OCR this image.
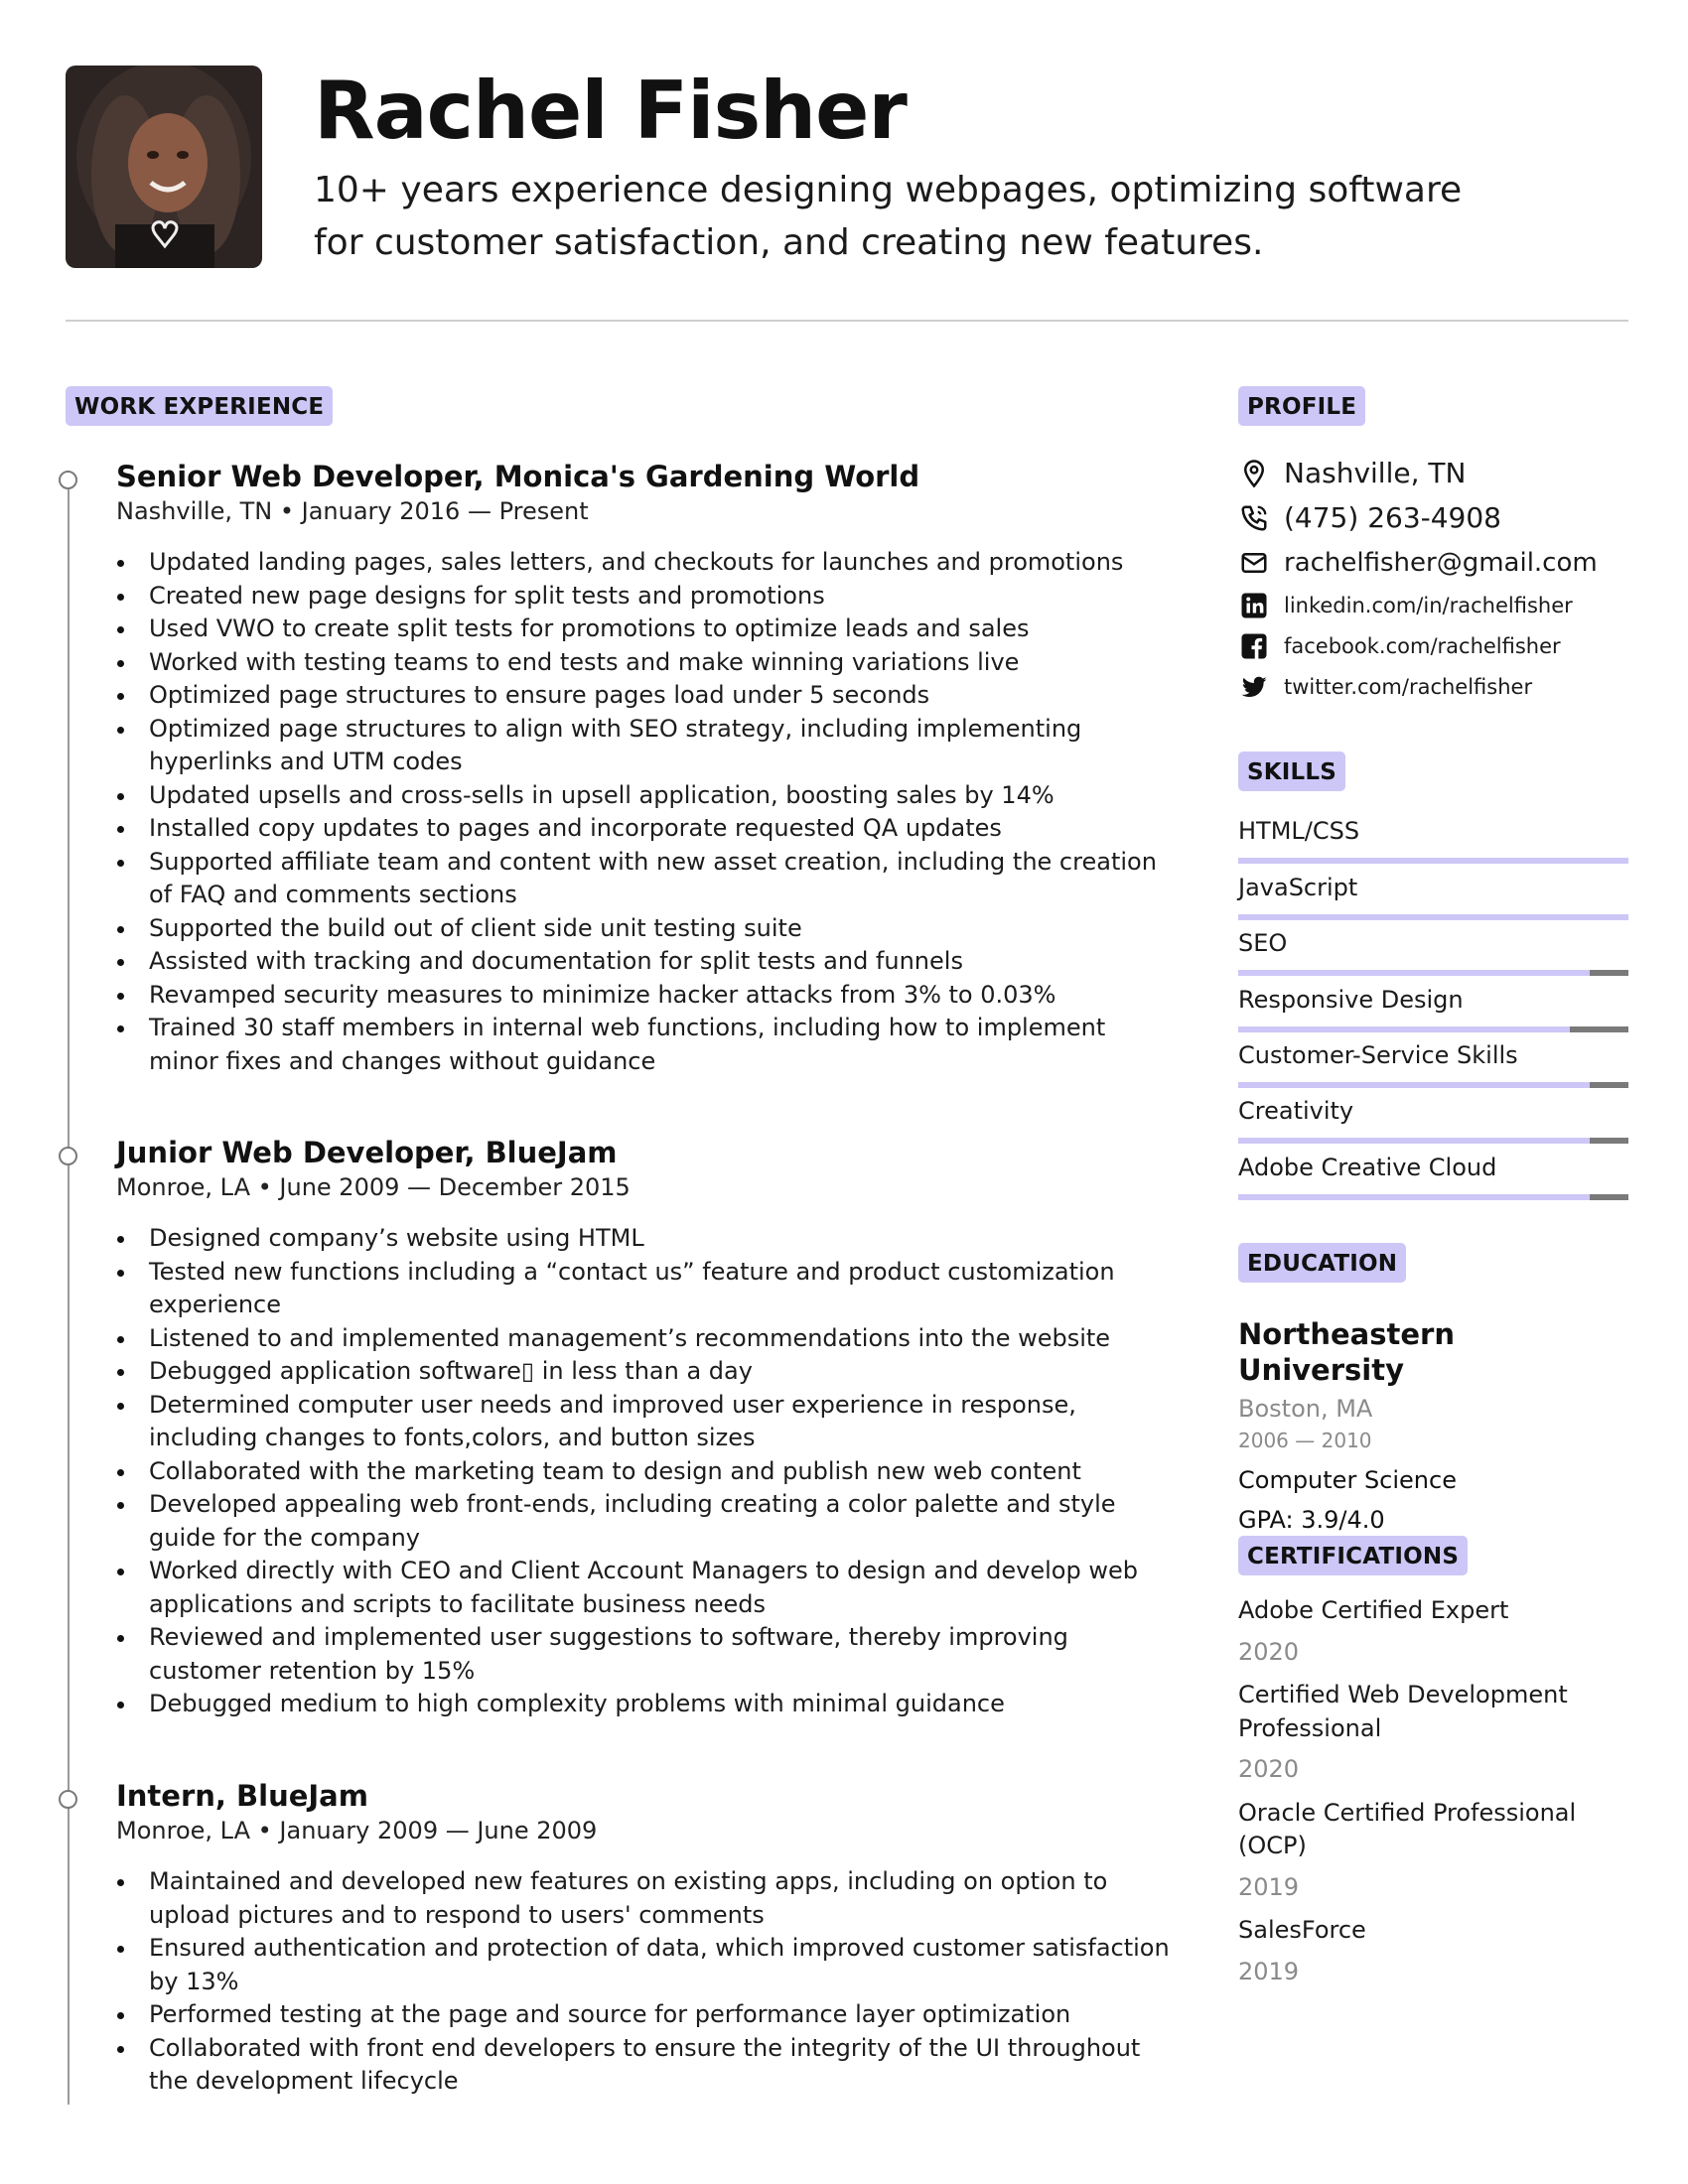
Rachel Fisher

10+ years experience designing webpages, optimizing software for customer satisfaction, and creating new features.

WORK EXPERIENCE
Senior Web Developer, Monica's Gardening World
Nashville, TN • January 2016 — Present
Updated landing pages, sales letters, and checkouts for launches and promotions
Created new page designs for split tests and promotions
Used VWO to create split tests for promotions to optimize leads and sales
Worked with testing teams to end tests and make winning variations live
Optimized page structures to ensure pages load under 5 seconds
Optimized page structures to align with SEO strategy, including implementing hyperlinks and UTM codes
Updated upsells and cross-sells in upsell application, boosting sales by 14%
Installed copy updates to pages and incorporate requested QA updates
Supported affiliate team and content with new asset creation, including the creation of FAQ and comments sections
Supported the build out of client side unit testing suite
Assisted with tracking and documentation for split tests and funnels
Revamped security measures to minimize hacker attacks from 3% to 0.03%
Trained 30 staff members in internal web functions, including how to implement minor fixes and changes without guidance
Junior Web Developer, BlueJam
Monroe, LA • June 2009 — December 2015
Designed company’s website using HTML
Tested new functions including a “contact us” feature and product customization experience
Listened to and implemented management’s recommendations into the website
Debugged application software▯ in less than a day
Determined computer user needs and improved user experience in response, including changes to fonts,colors, and button sizes
Collaborated with the marketing team to design and publish new web content
Developed appealing web front-ends, including creating a color palette and style guide for the company
Worked directly with CEO and Client Account Managers to design and develop web applications and scripts to facilitate business needs
Reviewed and implemented user suggestions to software, thereby improving customer retention by 15%
Debugged medium to high complexity problems with minimal guidance
Intern, BlueJam
Monroe, LA • January 2009 — June 2009
Maintained and developed new features on existing apps, including on option to upload pictures and to respond to users' comments
Ensured authentication and protection of data, which improved customer satisfaction by 13%
Performed testing at the page and source for performance layer optimization
Collaborated with front end developers to ensure the integrity of the UI throughout the development lifecycle
PROFILE
Nashville, TN
(475) 263-4908
rachelfisher@gmail.com
linkedin.com/in/rachelfisher
facebook.com/rachelfisher
twitter.com/rachelfisher
SKILLS
HTML/CSS
JavaScript
SEO
Responsive Design
Customer-Service Skills
Creativity
Adobe Creative Cloud
EDUCATION
Northeastern University
Boston, MA
2006 — 2010
Computer Science
GPA: 3.9/4.0
CERTIFICATIONS
Adobe Certified Expert
2020
Certified Web Development Professional
2020
Oracle Certified Professional (OCP)
2019
SalesForce
2019
